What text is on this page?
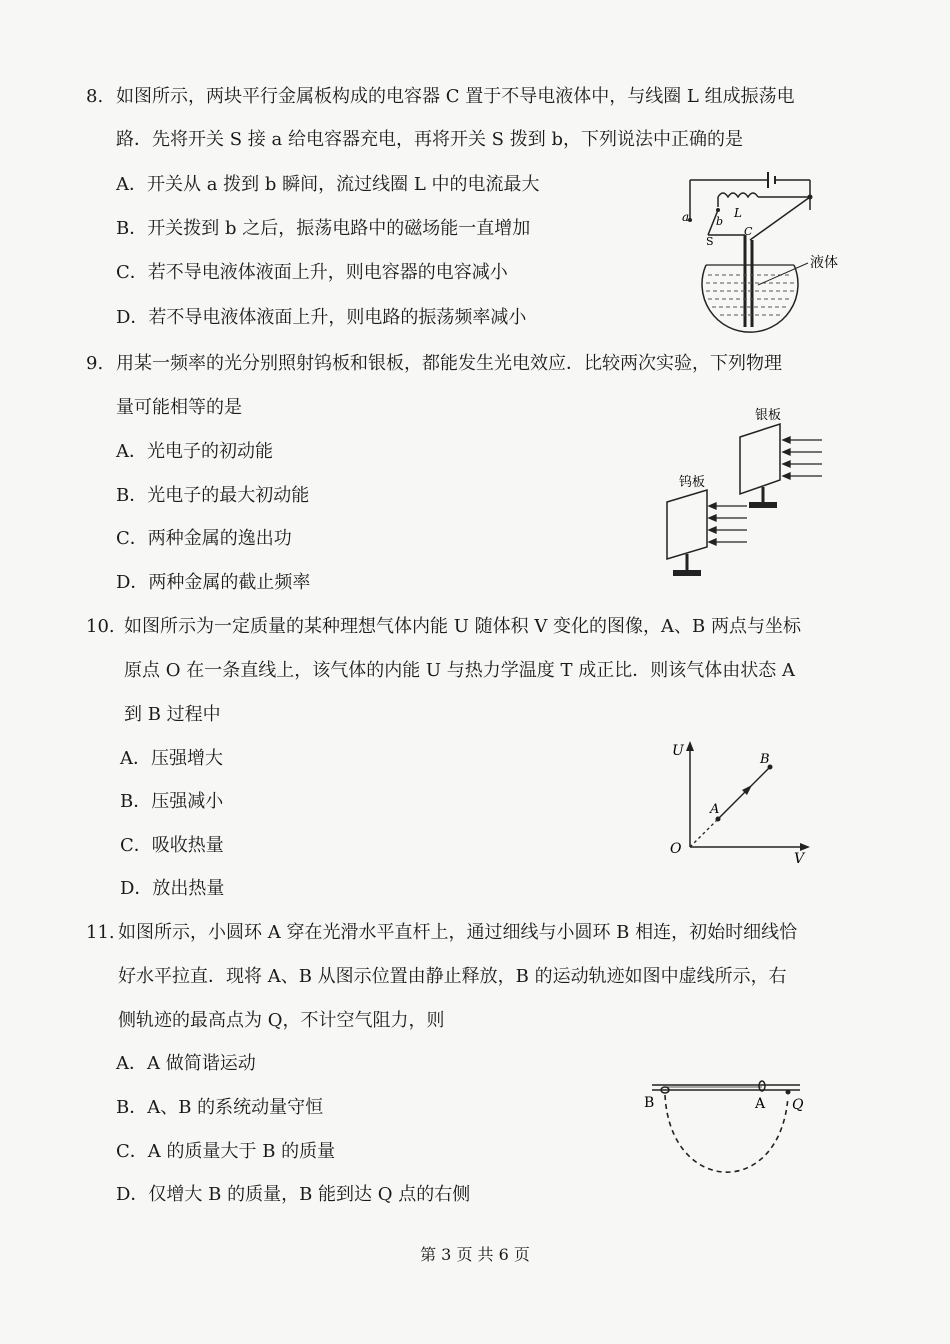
8. 如图所示，两块平行金属板构成的电容器 C 置于不导电液体中，与线圈 L 组成振荡电
路．先将开关 S 接 a 给电容器充电，再将开关 S 拨到 b，下列说法中正确的是
A．开关从 a 拨到 b 瞬间，流过线圈 L 中的电流最大
B．开关拨到 b 之后，振荡电路中的磁场能一直增加
C．若不导电液体液面上升，则电容器的电容减小
D．若不导电液体液面上升，则电路的振荡频率减小
a b
S
L
C
液体
9. 用某一频率的光分别照射钨板和银板，都能发生光电效应．比较两次实验，下列物理
量可能相等的是
A．光电子的初动能
B．光电子的最大初动能
C．两种金属的逸出功
D．两种金属的截止频率
银板
钨板
10. 如图所示为一定质量的某种理想气体内能 U 随体积 V 变化的图像，A、B 两点与坐标
原点 O 在一条直线上，该气体的内能 U 与热力学温度 T 成正比．则该气体由状态 A
到 B 过程中
A．压强增大
B．压强减小
C．吸收热量
D．放出热量
U
V
O
A
B
11. 如图所示，小圆环 A 穿在光滑水平直杆上，通过细线与小圆环 B 相连，初始时细线恰
好水平拉直．现将 A、B 从图示位置由静止释放，B 的运动轨迹如图中虚线所示，右
侧轨迹的最高点为 Q，不计空气阻力，则
A．A 做简谐运动
B．A、B 的系统动量守恒
C．A 的质量大于 B 的质量
D．仅增大 B 的质量，B 能到达 Q 点的右侧
B	A Q
第 3 页 共 6 页
